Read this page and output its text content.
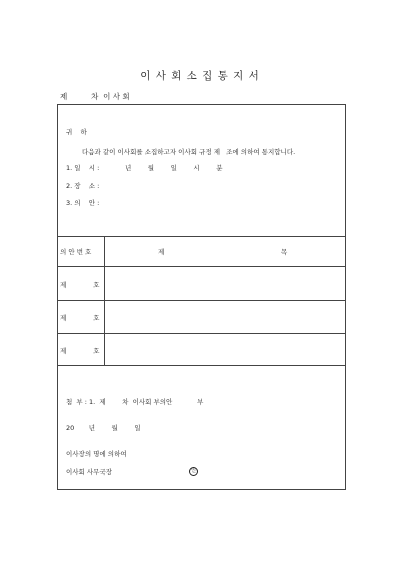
이 사 회 소 집 통 지 서
제          차  이 사 회
귀    하
다음과 같이 이사회를 소집하고자 이사회 규정 제   조에 의하여 통지합니다.
1. 일    시 :	년        월        일        시        분
2. 장    소 :
3. 의    안 :
의 안 번 호	제	목
제             호
제             호
제             호
첨  부 : 1.  제        차  이사회 부의안            부
20       년        월        일
이사장의 명에 의하여
이사회 사무국장	인
